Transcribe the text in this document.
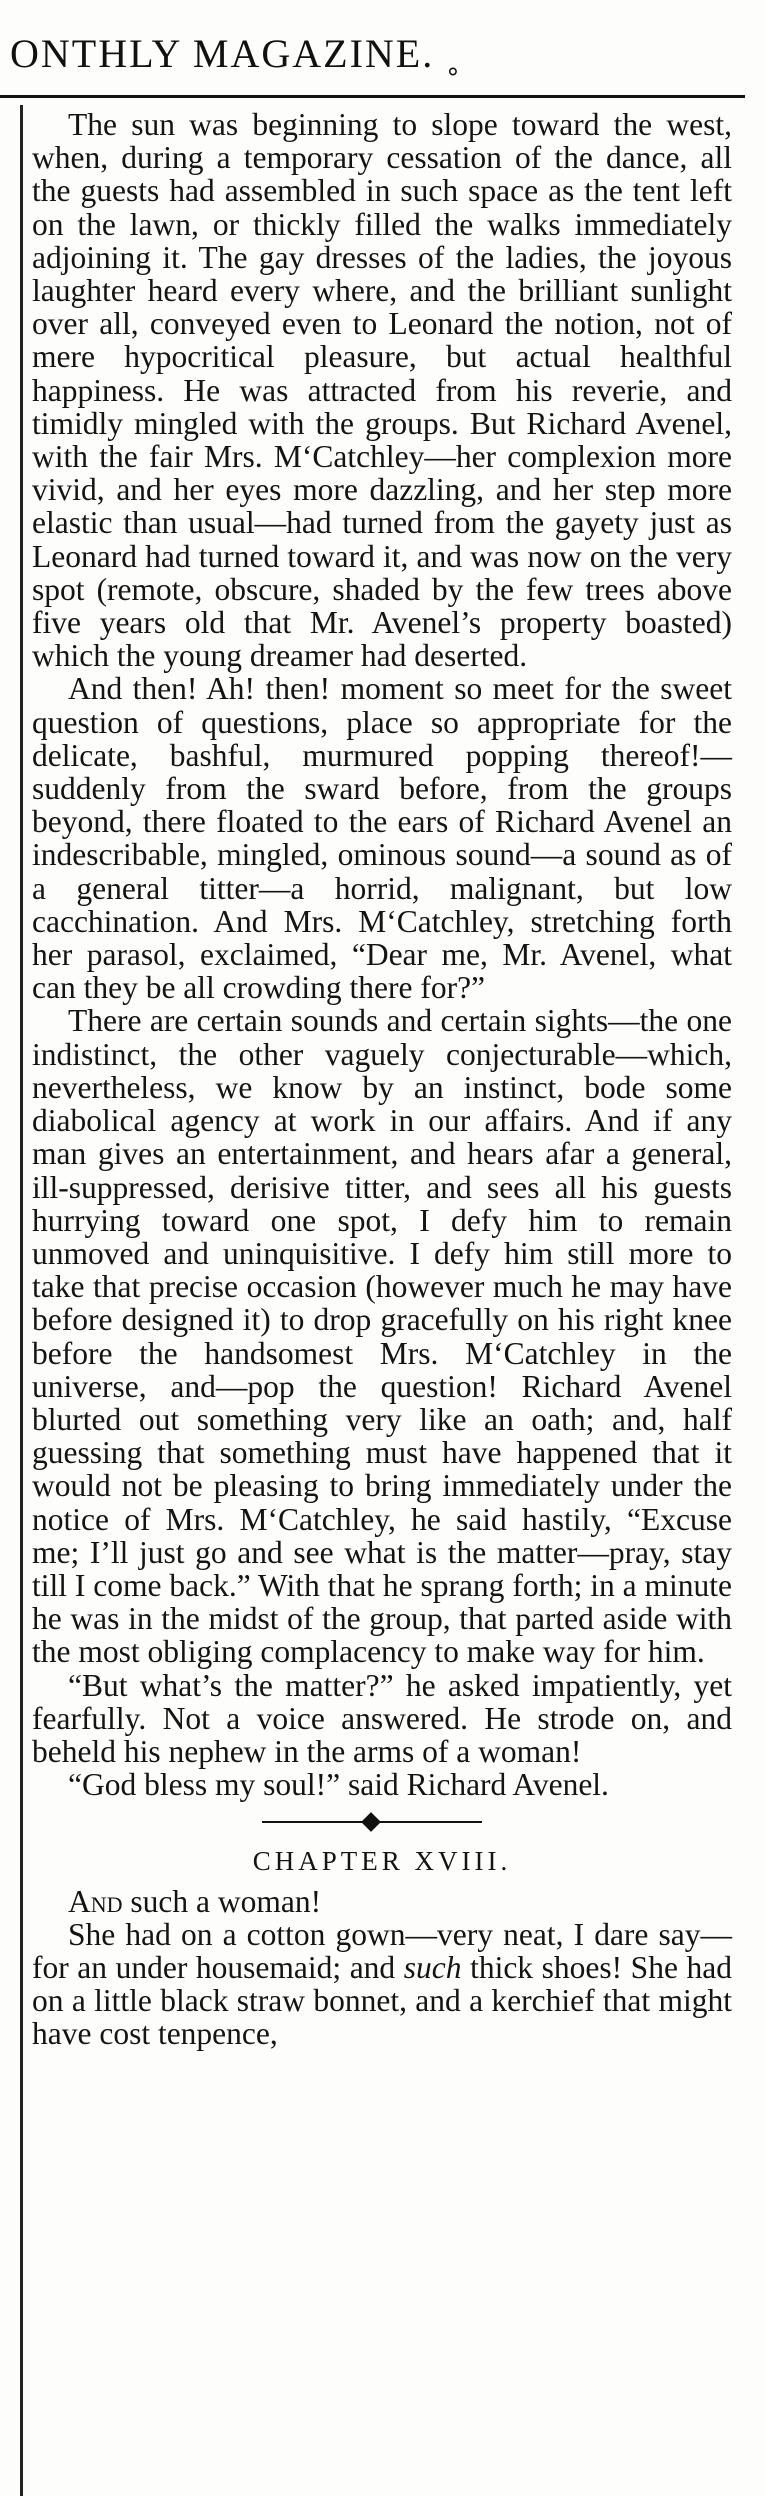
ONTHLY MAGAZINE. ˳

The sun was beginning to slope toward the west, when, during a temporary cessation of the dance, all the guests had assembled in such space as the tent left on the lawn, or thickly filled the walks immediately adjoining it. The gay dresses of the ladies, the joyous laughter heard every where, and the brilliant sunlight over all, conveyed even to Leonard the notion, not of mere hypocritical pleasure, but actual healthful happiness. He was attracted from his reverie, and timidly mingled with the groups. But Richard Avenel, with the fair Mrs. M‘Catchley—her complexion more vivid, and her eyes more dazzling, and her step more elastic than usual—had turned from the gayety just as Leonard had turned toward it, and was now on the very spot (remote, obscure, shaded by the few trees above five years old that Mr. Avenel’s property boasted) which the young dreamer had deserted.

And then! Ah! then! moment so meet for the sweet question of questions, place so appropriate for the delicate, bashful, murmured popping thereof!—suddenly from the sward before, from the groups beyond, there floated to the ears of Richard Avenel an indescribable, mingled, ominous sound—a sound as of a general titter—a horrid, malignant, but low cacchination. And Mrs. M‘Catchley, stretching forth her parasol, exclaimed, “Dear me, Mr. Avenel, what can they be all crowding there for?”

There are certain sounds and certain sights—the one indistinct, the other vaguely conjecturable—which, nevertheless, we know by an instinct, bode some diabolical agency at work in our affairs. And if any man gives an entertainment, and hears afar a general, ill-suppressed, derisive titter, and sees all his guests hurrying toward one spot, I defy him to remain unmoved and uninquisitive. I defy him still more to take that precise occasion (however much he may have before designed it) to drop gracefully on his right knee before the handsomest Mrs. M‘Catchley in the universe, and—pop the question! Richard Avenel blurted out something very like an oath; and, half guessing that something must have happened that it would not be pleasing to bring immediately under the notice of Mrs. M‘Catchley, he said hastily, “Excuse me; I’ll just go and see what is the matter—pray, stay till I come back.” With that he sprang forth; in a minute he was in the midst of the group, that parted aside with the most obliging complacency to make way for him.

“But what’s the matter?” he asked impatiently, yet fearfully. Not a voice answered. He strode on, and beheld his nephew in the arms of a woman!

“God bless my soul!” said Richard Avenel.

CHAPTER XVIII.

And such a woman!

She had on a cotton gown—very neat, I dare say—for an under housemaid; and such thick shoes! She had on a little black straw bonnet, and a kerchief that might have cost tenpence,
